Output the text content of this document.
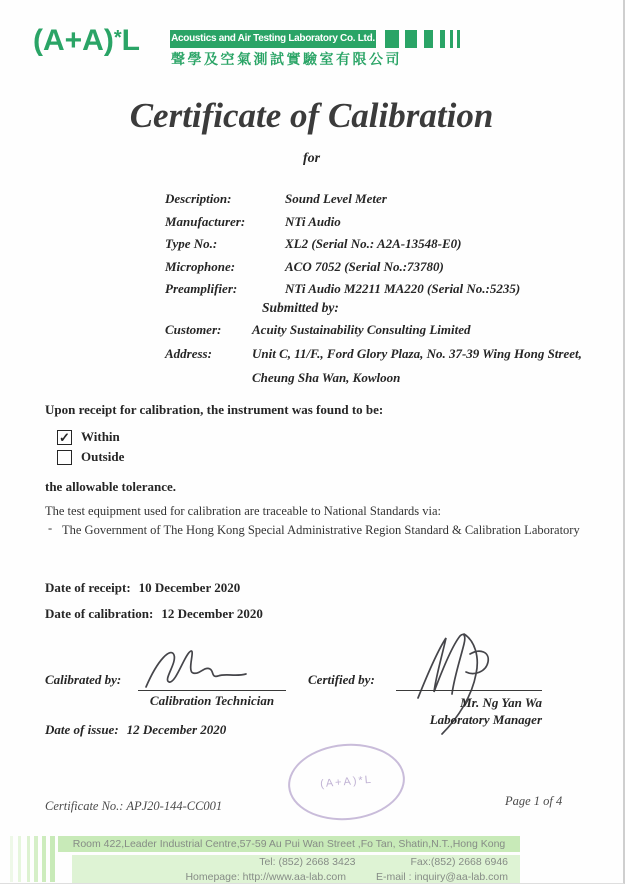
(A+A)*L	Acoustics and Air Testing Laboratory Co. Ltd.
聲學及空氣測試實驗室有限公司
Certificate of Calibration
for
Description:	Sound Level Meter
Manufacturer:	NTi Audio
Type No.:	XL2 (Serial No.: A2A-13548-E0)
Microphone:	ACO 7052 (Serial No.:73780)
Preamplifier:	NTi Audio M2211 MA220 (Serial No.:5235)
Submitted by:
Customer:	Acuity Sustainability Consulting Limited
Address:	Unit C, 11/F., Ford Glory Plaza, No. 37-39 Wing Hong Street,
Cheung Sha Wan, Kowloon
Upon receipt for calibration, the instrument was found to be:
✓ Within
Outside
the allowable tolerance.
The test equipment used for calibration are traceable to National Standards via:
- The Government of The Hong Kong Special Administrative Region Standard & Calibration Laboratory
Date of receipt: 10 December 2020
Date of calibration: 12 December 2020
Calibrated by:
Calibration Technician
Certified by:
Mr. Ng Yan Wa
Laboratory Manager
Date of issue: 12 December 2020
(A+A)*L
Certificate No.: APJ20-144-CC001	Page 1 of 4
Room 422,Leader Industrial Centre,57-59 Au Pui Wan Street ,Fo Tan, Shatin,N.T.,Hong Kong
Tel: (852) 2668 3423	Fax:(852) 2668 6946
Homepage: http://www.aa-lab.com	E-mail : inquiry@aa-lab.com
